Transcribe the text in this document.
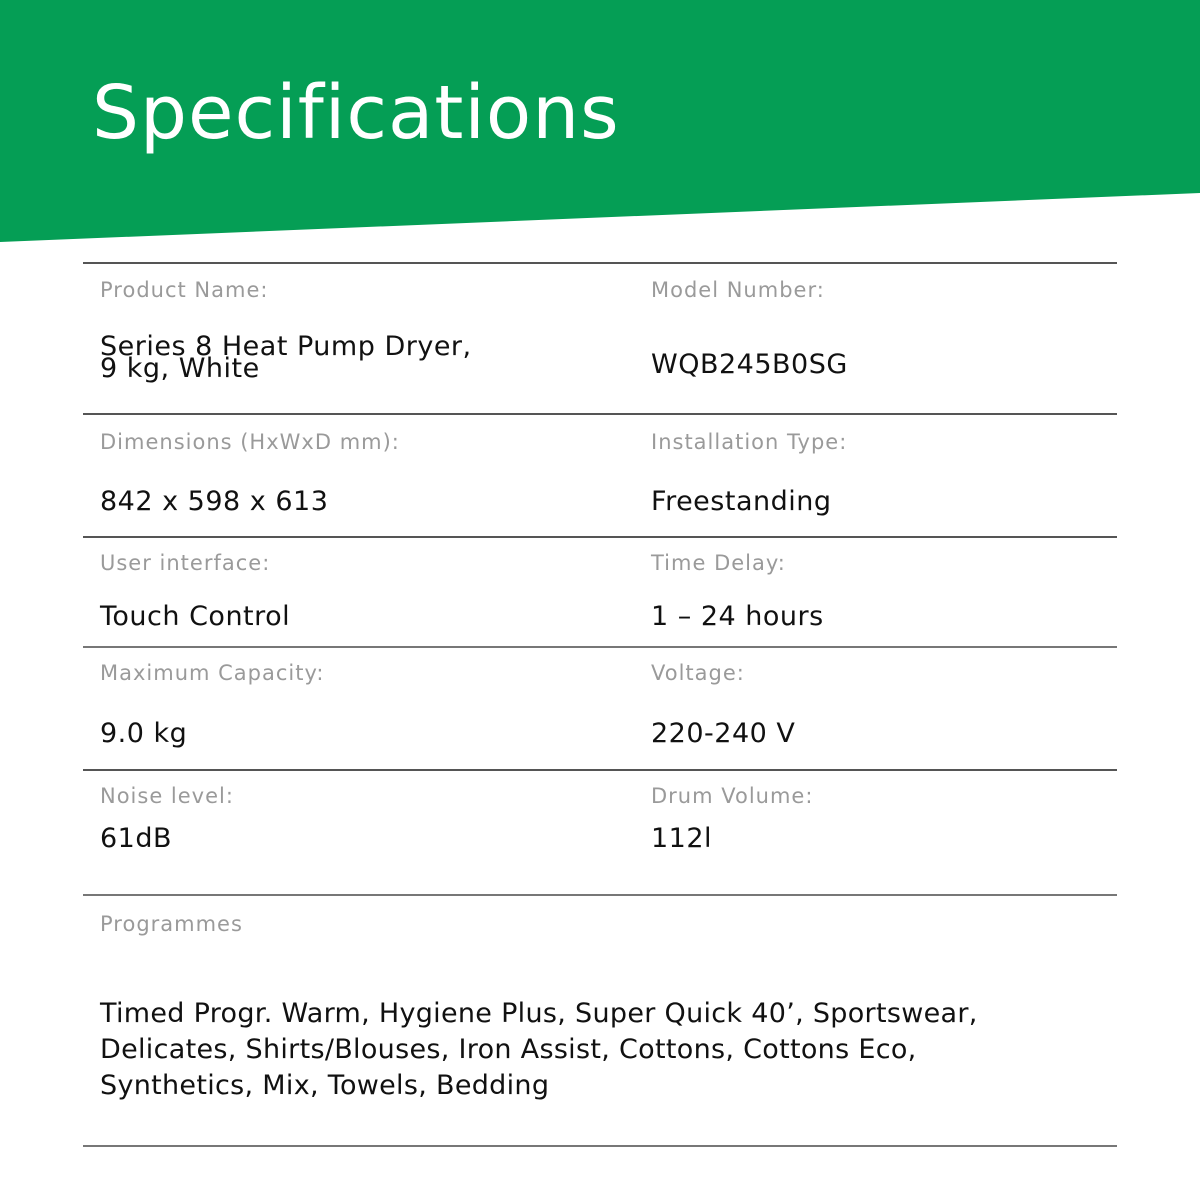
Specifications
Product Name:
Series 8 Heat Pump Dryer,
9 kg, White
Model Number:
WQB245B0SG
Dimensions (HxWxD mm):
842 x 598 x 613
Installation Type:
Freestanding
User interface:
Touch Control
Time Delay:
1 – 24 hours
Maximum Capacity:
9.0 kg
Voltage:
220-240 V
Noise level:
61dB
Drum Volume:
112l
Programmes
Timed Progr. Warm, Hygiene Plus, Super Quick 40’, Sportswear,
Delicates, Shirts/Blouses, Iron Assist, Cottons, Cottons Eco,
Synthetics, Mix, Towels, Bedding
